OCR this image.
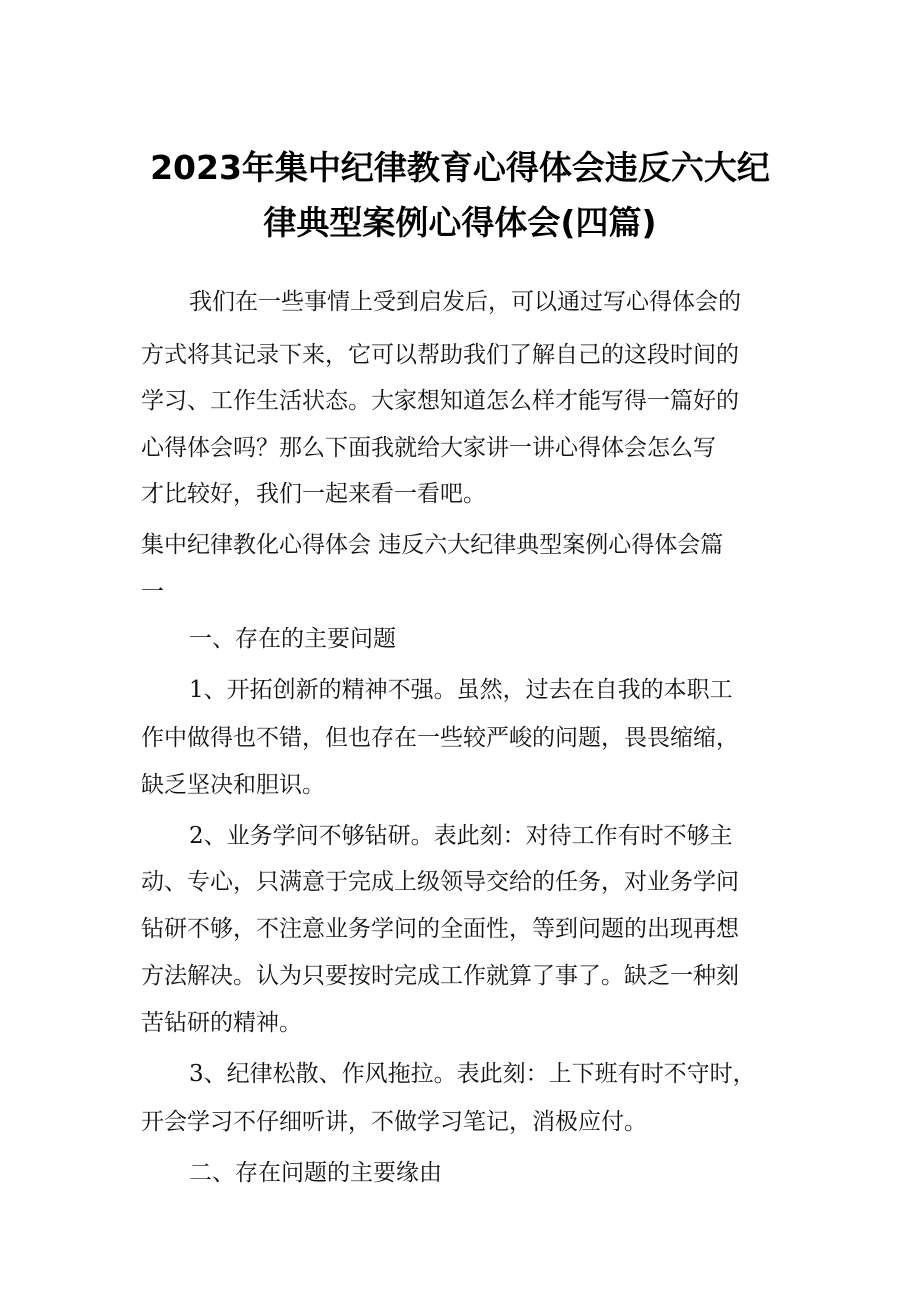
2023年集中纪律教育心得体会违反六大纪
律典型案例心得体会(四篇)
我们在一些事情上受到启发后，可以通过写心得体会的
方式将其记录下来，它可以帮助我们了解自己的这段时间的
学习、工作生活状态。大家想知道怎么样才能写得一篇好的
心得体会吗？那么下面我就给大家讲一讲心得体会怎么写
才比较好，我们一起来看一看吧。
集中纪律教化心得体会 违反六大纪律典型案例心得体会篇
一
一、存在的主要问题
1、开拓创新的精神不强。虽然，过去在自我的本职工
作中做得也不错，但也存在一些较严峻的问题，畏畏缩缩，
缺乏坚决和胆识。
2、业务学问不够钻研。表此刻：对待工作有时不够主
动、专心，只满意于完成上级领导交给的任务，对业务学问
钻研不够，不注意业务学问的全面性，等到问题的出现再想
方法解决。认为只要按时完成工作就算了事了。缺乏一种刻
苦钻研的精神。
3、纪律松散、作风拖拉。表此刻：上下班有时不守时，
开会学习不仔细听讲，不做学习笔记，消极应付。
二、存在问题的主要缘由
